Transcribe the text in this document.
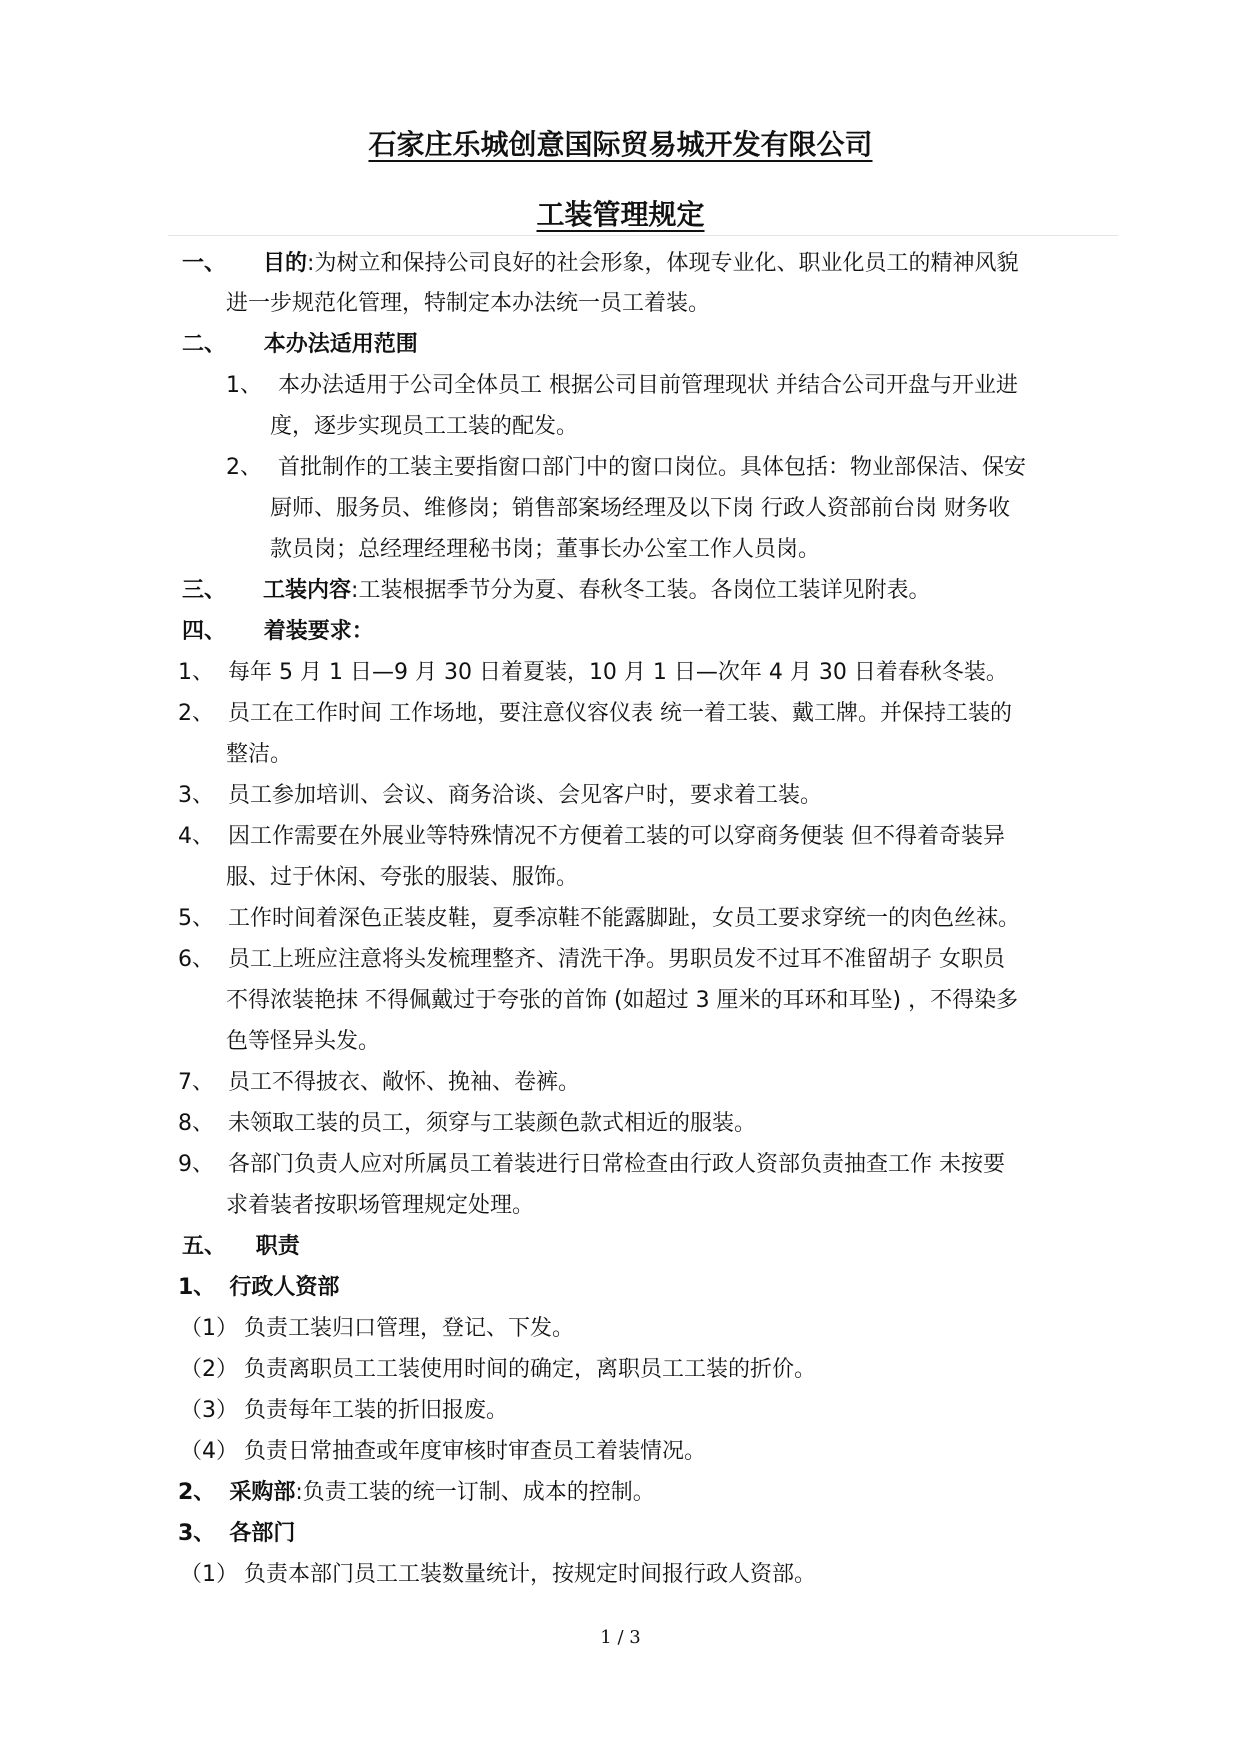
石家庄乐城创意国际贸易城开发有限公司
工装管理规定
一、 目的:为树立和保持公司良好的社会形象，体现专业化、职业化员工的精神风貌
进一步规范化管理，特制定本办法统一员工着装。
二、 本办法适用范围
1、 本办法适用于公司全体员工 根据公司目前管理现状 并结合公司开盘与开业进
度，逐步实现员工工装的配发。
2、 首批制作的工装主要指窗口部门中的窗口岗位。具体包括：物业部保洁、保安
厨师、服务员、维修岗；销售部案场经理及以下岗 行政人资部前台岗 财务收
款员岗；总经理经理秘书岗；董事长办公室工作人员岗。
三、 工装内容:工装根据季节分为夏、春秋冬工装。各岗位工装详见附表。
四、 着装要求：
1、 每年 5 月 1 日—9 月 30 日着夏装，10 月 1 日—次年 4 月 30 日着春秋冬装。
2、 员工在工作时间 工作场地，要注意仪容仪表 统一着工装、戴工牌。并保持工装的
整洁。
3、 员工参加培训、会议、商务洽谈、会见客户时，要求着工装。
4、 因工作需要在外展业等特殊情况不方便着工装的可以穿商务便装 但不得着奇装异
服、过于休闲、夸张的服装、服饰。
5、 工作时间着深色正装皮鞋，夏季凉鞋不能露脚趾，女员工要求穿统一的肉色丝袜。
6、 员工上班应注意将头发梳理整齐、清洗干净。男职员发不过耳不准留胡子 女职员
不得浓装艳抹 不得佩戴过于夸张的首饰 (如超过 3 厘米的耳环和耳坠) ，不得染多
色等怪异头发。
7、 员工不得披衣、敞怀、挽袖、卷裤。
8、 未领取工装的员工，须穿与工装颜色款式相近的服装。
9、 各部门负责人应对所属员工着装进行日常检查由行政人资部负责抽查工作 未按要
求着装者按职场管理规定处理。
五、 职责
1、 行政人资部
（1） 负责工装归口管理，登记、下发。
（2） 负责离职员工工装使用时间的确定，离职员工工装的折价。
（3） 负责每年工装的折旧报废。
（4） 负责日常抽查或年度审核时审查员工着装情况。
2、 采购部:负责工装的统一订制、成本的控制。
3、 各部门
（1） 负责本部门员工工装数量统计，按规定时间报行政人资部。
1 / 3
